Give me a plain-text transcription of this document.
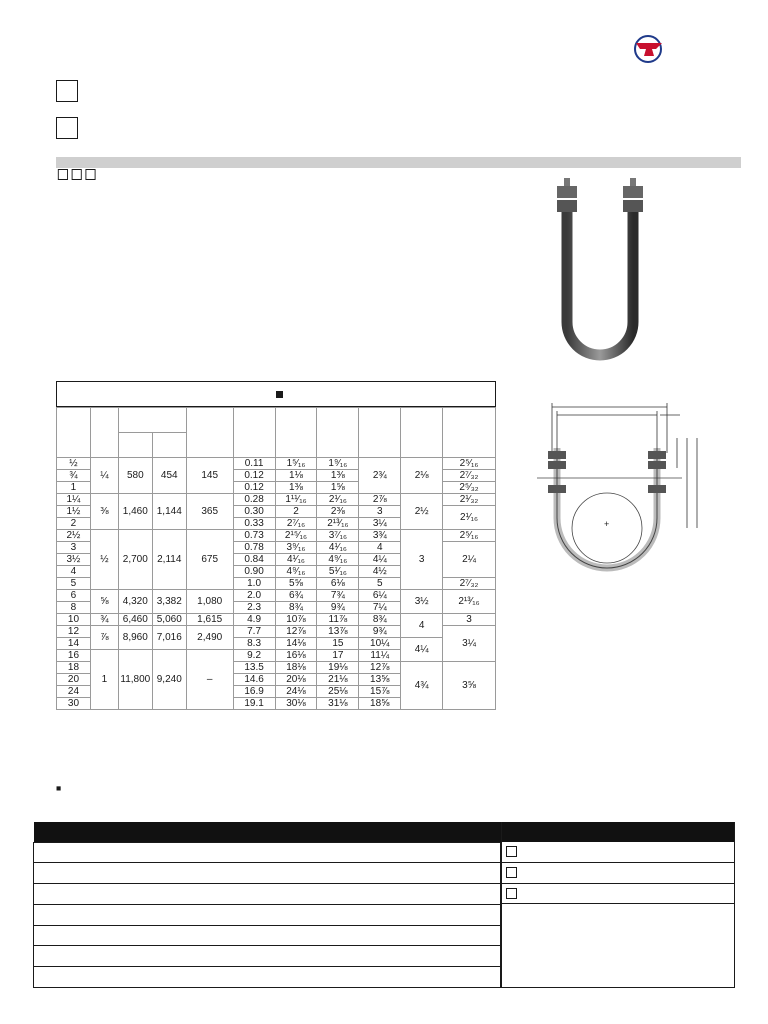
½	¼	580	454	145	0.11	1⁵⁄₁₆	1⁹⁄₁₆	2¾	2⅛	2⁵⁄₁₆
¾					0.12	1⅛	1⅜			2⁷⁄₃₂
1					0.12	1⅜	1⅝			2⁵⁄₃₂
1¼	⅜	1,460	1,144	365	0.28	1¹¹⁄₁₆	2¹⁄₁₆	2⅞	2½	2¹⁄₃₂
1½					0.30	2	2⅜	3		2¹⁄₁₆
2					0.33	2⁷⁄₁₆	2¹³⁄₁₆	3¼		
2½	½	2,700	2,114	675	0.73	2¹⁵⁄₁₆	3⁷⁄₁₆	3¾	3	2⁵⁄₁₆
3					0.78	3⁹⁄₁₆	4¹⁄₁₆	4		2¼
3½					0.84	4¹⁄₁₆	4⁹⁄₁₆	4¼		
4					0.90	4⁹⁄₁₆	5¹⁄₁₆	4½		
5					1.0	5⅝	6⅛	5		2⁷⁄₃₂
6	⅝	4,320	3,382	1,080	2.0	6¾	7¾	6¼	3½	2¹³⁄₁₆
8					2.3	8¾	9¾	7¼		
10	¾	6,460	5,060	1,615	4.9	10⅞	11⅞	8¾	4	3
12	⅞	8,960	7,016	2,490	7.7	12⅞	13⅞	9¾		3¼
14					8.3	14⅛	15	10¼	4¼	
16	1	11,800	9,240	–	9.2	16⅛	17	11¼		
18					13.5	18⅛	19⅛	12⅞	4¾	3⅝
20					14.6	20⅛	21⅛	13⅝		
24					16.9	24⅛	25⅛	15⅞		
30					19.1	30⅛	31⅛	18⅝		
■
+
